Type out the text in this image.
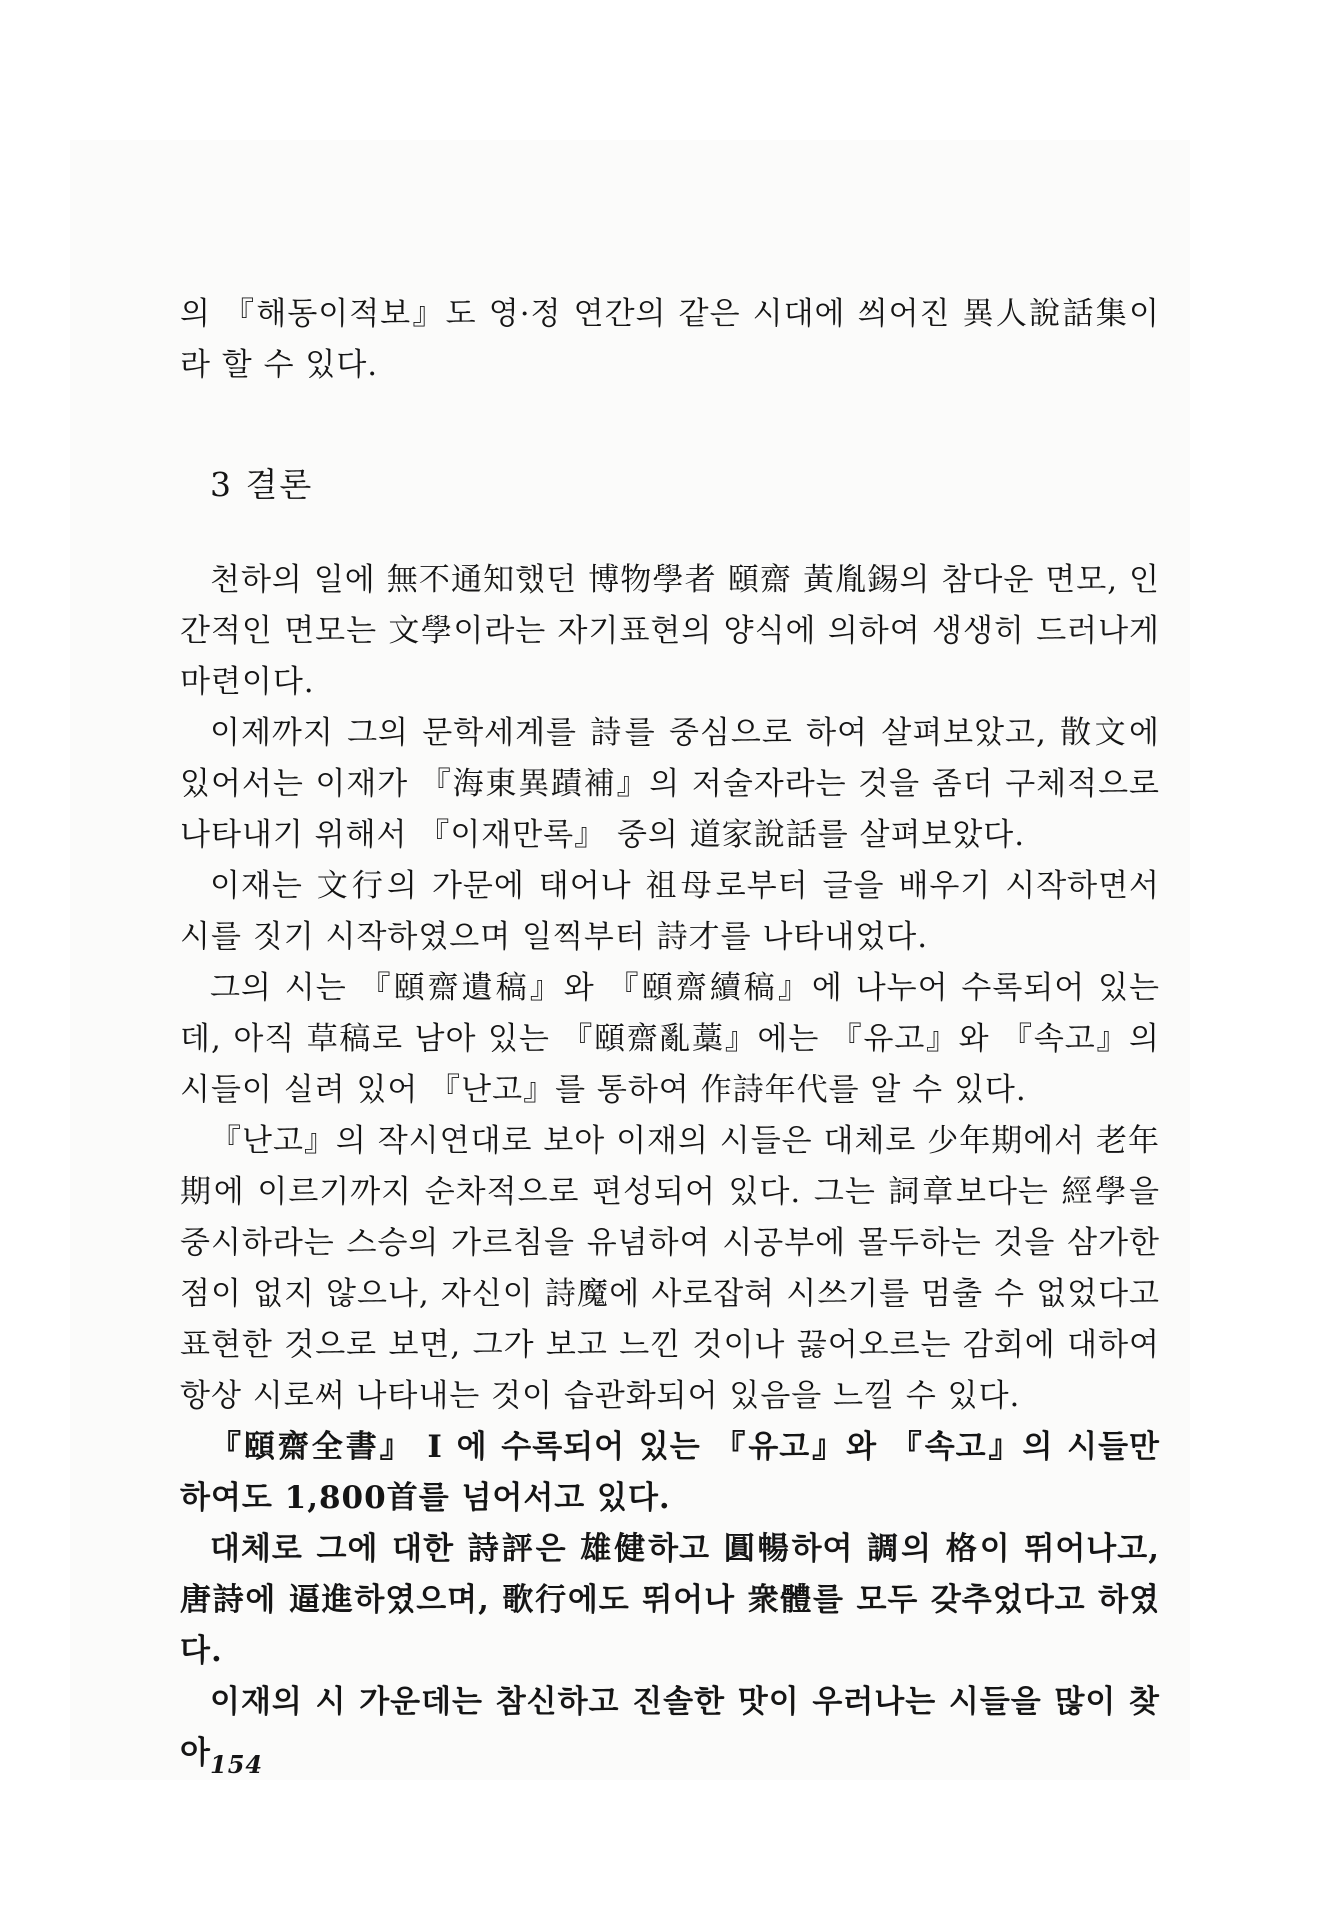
의 『해동이적보』도 영·정 연간의 같은 시대에 씌어진 異人說話集이라 할 수 있다.

3 결론

천하의 일에 無不通知했던 博物學者 頤齋 黃胤錫의 참다운 면모, 인간적인 면모는 文學이라는 자기표현의 양식에 의하여 생생히 드러나게 마련이다.

이제까지 그의 문학세계를 詩를 중심으로 하여 살펴보았고, 散文에 있어서는 이재가 『海東異蹟補』의 저술자라는 것을 좀더 구체적으로 나타내기 위해서 『이재만록』 중의 道家說話를 살펴보았다.

이재는 文行의 가문에 태어나 祖母로부터 글을 배우기 시작하면서 시를 짓기 시작하였으며 일찍부터 詩才를 나타내었다.

그의 시는 『頤齋遺稿』와 『頤齋續稿』에 나누어 수록되어 있는데, 아직 草稿로 남아 있는 『頤齋亂藁』에는 『유고』와 『속고』의 시들이 실려 있어 『난고』를 통하여 作詩年代를 알 수 있다.

『난고』의 작시연대로 보아 이재의 시들은 대체로 少年期에서 老年期에 이르기까지 순차적으로 편성되어 있다. 그는 詞章보다는 經學을 중시하라는 스승의 가르침을 유념하여 시공부에 몰두하는 것을 삼가한 점이 없지 않으나, 자신이 詩魔에 사로잡혀 시쓰기를 멈출 수 없었다고 표현한 것으로 보면, 그가 보고 느낀 것이나 끓어오르는 감회에 대하여 항상 시로써 나타내는 것이 습관화되어 있음을 느낄 수 있다.

『頤齋全書』 I 에 수록되어 있는 『유고』와 『속고』의 시들만 하여도 1,800首를 넘어서고 있다.

대체로 그에 대한 詩評은 雄健하고 圓暢하여 調의 格이 뛰어나고, 唐詩에 逼進하였으며, 歌行에도 뛰어나 衆體를 모두 갖추었다고 하였다.

이재의 시 가운데는 참신하고 진솔한 맛이 우러나는 시들을 많이 찾아 154
